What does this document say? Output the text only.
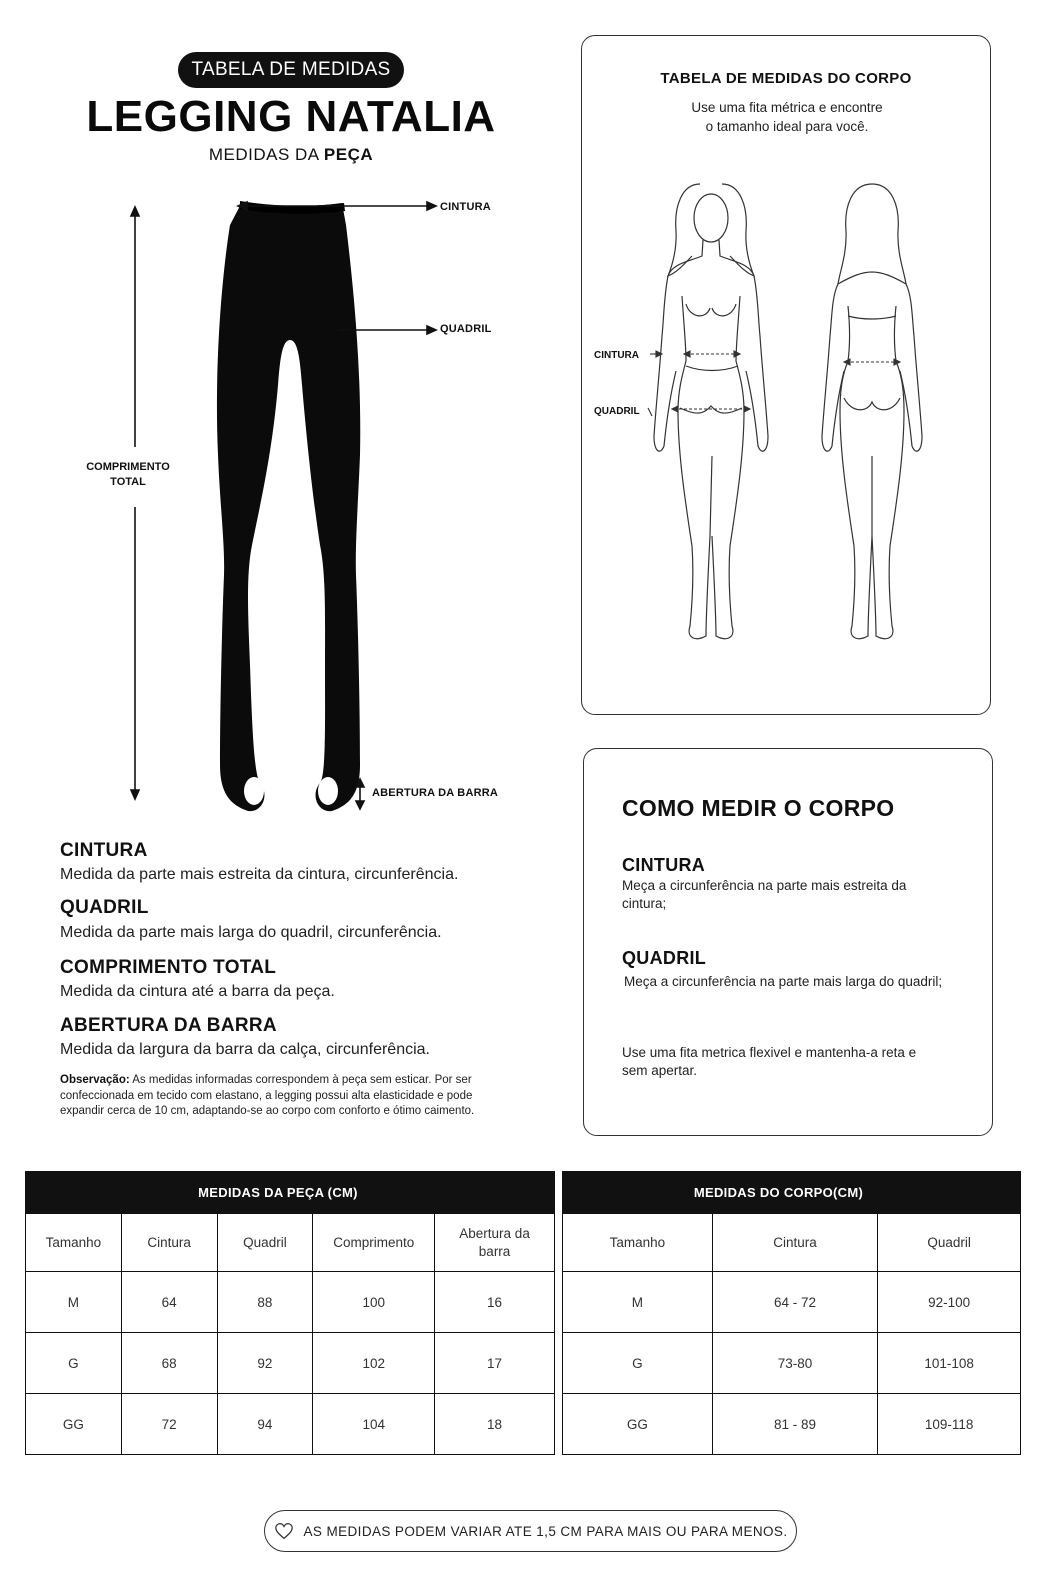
TABELA DE MEDIDAS
LEGGING NATALIA
MEDIDAS DA PEÇA
CINTURA
QUADRIL
COMPRIMENTO
TOTAL
ABERTURA DA BARRA
CINTURA
Medida da parte mais estreita da cintura, circunferência.
QUADRIL
Medida da parte mais larga do quadril, circunferência.
COMPRIMENTO TOTAL
Medida da cintura até a barra da peça.
ABERTURA DA BARRA
Medida da largura da barra da calça, circunferência.
Observação: As medidas informadas correspondem à peça sem esticar. Por ser confeccionada em tecido com elastano, a legging possui alta elasticidade e pode expandir cerca de 10 cm, adaptando-se ao corpo com conforto e ótimo caimento.
TABELA DE MEDIDAS DO CORPO
Use uma fita métrica e encontre
o tamanho ideal para você.
CINTURA
QUADRIL
COMO MEDIR O CORPO
CINTURA
Meça a circunferência na parte mais estreita da cintura;
QUADRIL
Meça a circunferência na parte mais larga do quadril;
Use uma fita metrica flexivel e mantenha-a reta e sem apertar.
	MEDIDAS DA PEÇA (CM)			
Tamanho	Cintura	Quadril	Comprimento	Abertura da barra
M	64	88	100	16
G	68	92	102	17
GG	72	94	104	18
MEDIDAS DO CORPO(CM)		
Tamanho	Cintura	Quadril
M	64 - 72	92-100
G	73-80	101-108
GG	81 - 89	109-118
AS MEDIDAS PODEM VARIAR ATE 1,5 CM PARA MAIS OU PARA MENOS.
